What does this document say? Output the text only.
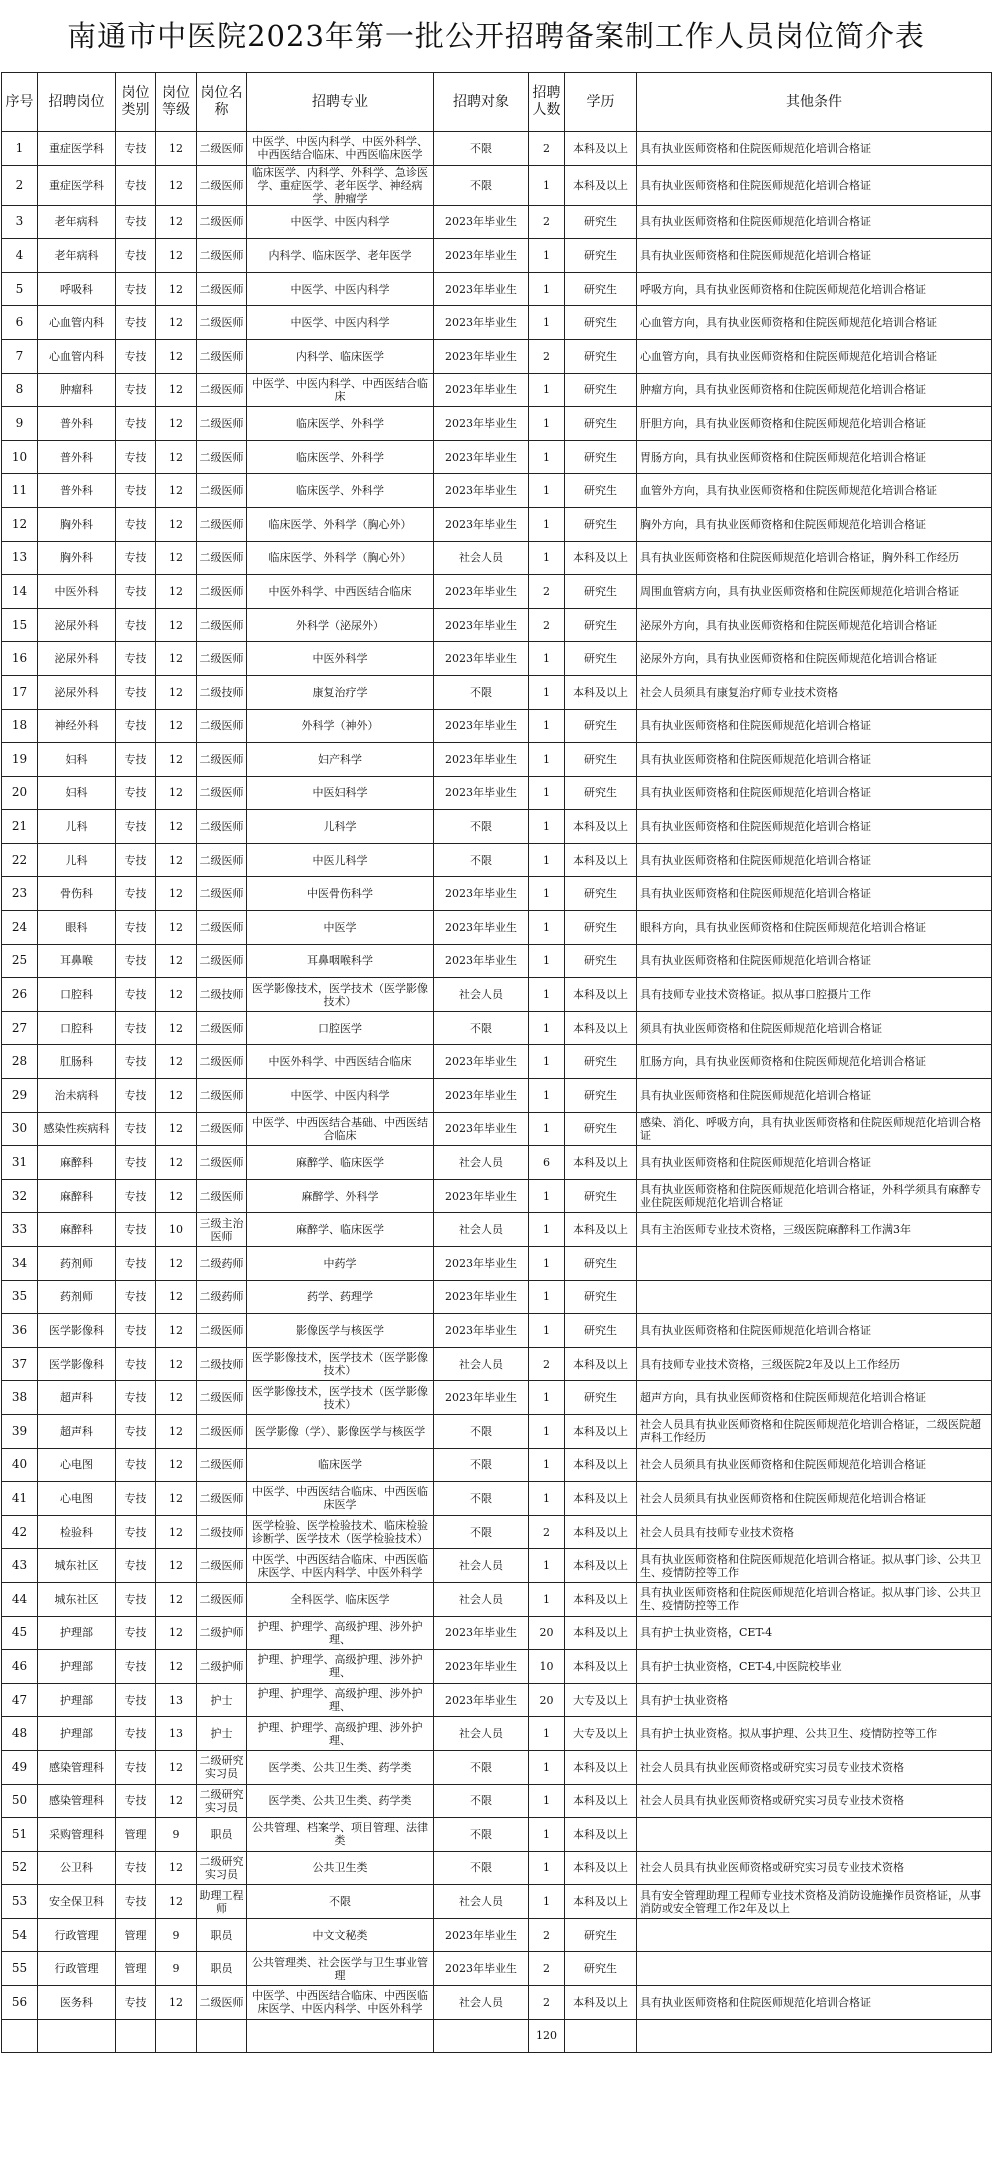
南通市中医院2023年第一批公开招聘备案制工作人员岗位简介表
序号	招聘岗位	岗位类别	岗位等级	岗位名称	招聘专业	招聘对象	招聘人数	学历	其他条件
1	重症医学科	专技	12	二级医师	中医学、中医内科学、中医外科学、中西医结合临床、中西医临床医学	不限	2	本科及以上	具有执业医师资格和住院医师规范化培训合格证
2	重症医学科	专技	12	二级医师	临床医学、内科学、外科学、急诊医学、重症医学、老年医学、神经病学、肿瘤学	不限	1	本科及以上	具有执业医师资格和住院医师规范化培训合格证
3	老年病科	专技	12	二级医师	中医学、中医内科学	2023年毕业生	2	研究生	具有执业医师资格和住院医师规范化培训合格证
4	老年病科	专技	12	二级医师	内科学、临床医学、老年医学	2023年毕业生	1	研究生	具有执业医师资格和住院医师规范化培训合格证
5	呼吸科	专技	12	二级医师	中医学、中医内科学	2023年毕业生	1	研究生	呼吸方向，具有执业医师资格和住院医师规范化培训合格证
6	心血管内科	专技	12	二级医师	中医学、中医内科学	2023年毕业生	1	研究生	心血管方向，具有执业医师资格和住院医师规范化培训合格证
7	心血管内科	专技	12	二级医师	内科学、临床医学	2023年毕业生	2	研究生	心血管方向，具有执业医师资格和住院医师规范化培训合格证
8	肿瘤科	专技	12	二级医师	中医学、中医内科学、中西医结合临床	2023年毕业生	1	研究生	肿瘤方向，具有执业医师资格和住院医师规范化培训合格证
9	普外科	专技	12	二级医师	临床医学、外科学	2023年毕业生	1	研究生	肝胆方向，具有执业医师资格和住院医师规范化培训合格证
10	普外科	专技	12	二级医师	临床医学、外科学	2023年毕业生	1	研究生	胃肠方向，具有执业医师资格和住院医师规范化培训合格证
11	普外科	专技	12	二级医师	临床医学、外科学	2023年毕业生	1	研究生	血管外方向，具有执业医师资格和住院医师规范化培训合格证
12	胸外科	专技	12	二级医师	临床医学、外科学（胸心外）	2023年毕业生	1	研究生	胸外方向，具有执业医师资格和住院医师规范化培训合格证
13	胸外科	专技	12	二级医师	临床医学、外科学（胸心外）	社会人员	1	本科及以上	具有执业医师资格和住院医师规范化培训合格证，胸外科工作经历
14	中医外科	专技	12	二级医师	中医外科学、中西医结合临床	2023年毕业生	2	研究生	周围血管病方向，具有执业医师资格和住院医师规范化培训合格证
15	泌尿外科	专技	12	二级医师	外科学（泌尿外）	2023年毕业生	2	研究生	泌尿外方向，具有执业医师资格和住院医师规范化培训合格证
16	泌尿外科	专技	12	二级医师	中医外科学	2023年毕业生	1	研究生	泌尿外方向，具有执业医师资格和住院医师规范化培训合格证
17	泌尿外科	专技	12	二级技师	康复治疗学	不限	1	本科及以上	社会人员须具有康复治疗师专业技术资格
18	神经外科	专技	12	二级医师	外科学（神外）	2023年毕业生	1	研究生	具有执业医师资格和住院医师规范化培训合格证
19	妇科	专技	12	二级医师	妇产科学	2023年毕业生	1	研究生	具有执业医师资格和住院医师规范化培训合格证
20	妇科	专技	12	二级医师	中医妇科学	2023年毕业生	1	研究生	具有执业医师资格和住院医师规范化培训合格证
21	儿科	专技	12	二级医师	儿科学	不限	1	本科及以上	具有执业医师资格和住院医师规范化培训合格证
22	儿科	专技	12	二级医师	中医儿科学	不限	1	本科及以上	具有执业医师资格和住院医师规范化培训合格证
23	骨伤科	专技	12	二级医师	中医骨伤科学	2023年毕业生	1	研究生	具有执业医师资格和住院医师规范化培训合格证
24	眼科	专技	12	二级医师	中医学	2023年毕业生	1	研究生	眼科方向，具有执业医师资格和住院医师规范化培训合格证
25	耳鼻喉	专技	12	二级医师	耳鼻咽喉科学	2023年毕业生	1	研究生	具有执业医师资格和住院医师规范化培训合格证
26	口腔科	专技	12	二级技师	医学影像技术，医学技术（医学影像技术）	社会人员	1	本科及以上	具有技师专业技术资格证。拟从事口腔摄片工作
27	口腔科	专技	12	二级医师	口腔医学	不限	1	本科及以上	须具有执业医师资格和住院医师规范化培训合格证
28	肛肠科	专技	12	二级医师	中医外科学、中西医结合临床	2023年毕业生	1	研究生	肛肠方向，具有执业医师资格和住院医师规范化培训合格证
29	治未病科	专技	12	二级医师	中医学、中医内科学	2023年毕业生	1	研究生	具有执业医师资格和住院医师规范化培训合格证
30	感染性疾病科	专技	12	二级医师	中医学、中西医结合基础、中西医结合临床	2023年毕业生	1	研究生	感染、消化、呼吸方向，具有执业医师资格和住院医师规范化培训合格证
31	麻醉科	专技	12	二级医师	麻醉学、临床医学	社会人员	6	本科及以上	具有执业医师资格和住院医师规范化培训合格证
32	麻醉科	专技	12	二级医师	麻醉学、外科学	2023年毕业生	1	研究生	具有执业医师资格和住院医师规范化培训合格证，外科学须具有麻醉专业住院医师规范化培训合格证
33	麻醉科	专技	10	三级主治医师	麻醉学、临床医学	社会人员	1	本科及以上	具有主治医师专业技术资格，三级医院麻醉科工作满3年
34	药剂师	专技	12	二级药师	中药学	2023年毕业生	1	研究生	
35	药剂师	专技	12	二级药师	药学、药理学	2023年毕业生	1	研究生	
36	医学影像科	专技	12	二级医师	影像医学与核医学	2023年毕业生	1	研究生	具有执业医师资格和住院医师规范化培训合格证
37	医学影像科	专技	12	二级技师	医学影像技术，医学技术（医学影像技术）	社会人员	2	本科及以上	具有技师专业技术资格，三级医院2年及以上工作经历
38	超声科	专技	12	二级医师	医学影像技术，医学技术（医学影像技术）	2023年毕业生	1	研究生	超声方向，具有执业医师资格和住院医师规范化培训合格证
39	超声科	专技	12	二级医师	医学影像（学）、影像医学与核医学	不限	1	本科及以上	社会人员具有执业医师资格和住院医师规范化培训合格证，二级医院超声科工作经历
40	心电图	专技	12	二级医师	临床医学	不限	1	本科及以上	社会人员须具有执业医师资格和住院医师规范化培训合格证
41	心电图	专技	12	二级医师	中医学、中西医结合临床、中西医临床医学	不限	1	本科及以上	社会人员须具有执业医师资格和住院医师规范化培训合格证
42	检验科	专技	12	二级技师	医学检验、医学检验技术、临床检验诊断学、医学技术（医学检验技术）	不限	2	本科及以上	社会人员具有技师专业技术资格
43	城东社区	专技	12	二级医师	中医学、中西医结合临床、中西医临床医学、中医内科学、中医外科学	社会人员	1	本科及以上	具有执业医师资格和住院医师规范化培训合格证。拟从事门诊、公共卫生、疫情防控等工作
44	城东社区	专技	12	二级医师	全科医学、临床医学	社会人员	1	本科及以上	具有执业医师资格和住院医师规范化培训合格证。拟从事门诊、公共卫生、疫情防控等工作
45	护理部	专技	12	二级护师	护理、护理学、高级护理、涉外护理、	2023年毕业生	20	本科及以上	具有护士执业资格，CET-4
46	护理部	专技	12	二级护师	护理、护理学、高级护理、涉外护理、	2023年毕业生	10	本科及以上	具有护士执业资格，CET-4,中医院校毕业
47	护理部	专技	13	护士	护理、护理学、高级护理、涉外护理、	2023年毕业生	20	大专及以上	具有护士执业资格
48	护理部	专技	13	护士	护理、护理学、高级护理、涉外护理、	社会人员	1	大专及以上	具有护士执业资格。拟从事护理、公共卫生、疫情防控等工作
49	感染管理科	专技	12	二级研究实习员	医学类、公共卫生类、药学类	不限	1	本科及以上	社会人员具有执业医师资格或研究实习员专业技术资格
50	感染管理科	专技	12	二级研究实习员	医学类、公共卫生类、药学类	不限	1	本科及以上	社会人员具有执业医师资格或研究实习员专业技术资格
51	采购管理科	管理	9	职员	公共管理、档案学、项目管理、法律类	不限	1	本科及以上	
52	公卫科	专技	12	二级研究实习员	公共卫生类	不限	1	本科及以上	社会人员具有执业医师资格或研究实习员专业技术资格
53	安全保卫科	专技	12	助理工程师	不限	社会人员	1	本科及以上	具有安全管理助理工程师专业技术资格及消防设施操作员资格证，从事消防或安全管理工作2年及以上
54	行政管理	管理	9	职员	中文文秘类	2023年毕业生	2	研究生	
55	行政管理	管理	9	职员	公共管理类、社会医学与卫生事业管理	2023年毕业生	2	研究生	
56	医务科	专技	12	二级医师	中医学、中西医结合临床、中西医临床医学、中医内科学、中医外科学	社会人员	2	本科及以上	具有执业医师资格和住院医师规范化培训合格证
							120		
